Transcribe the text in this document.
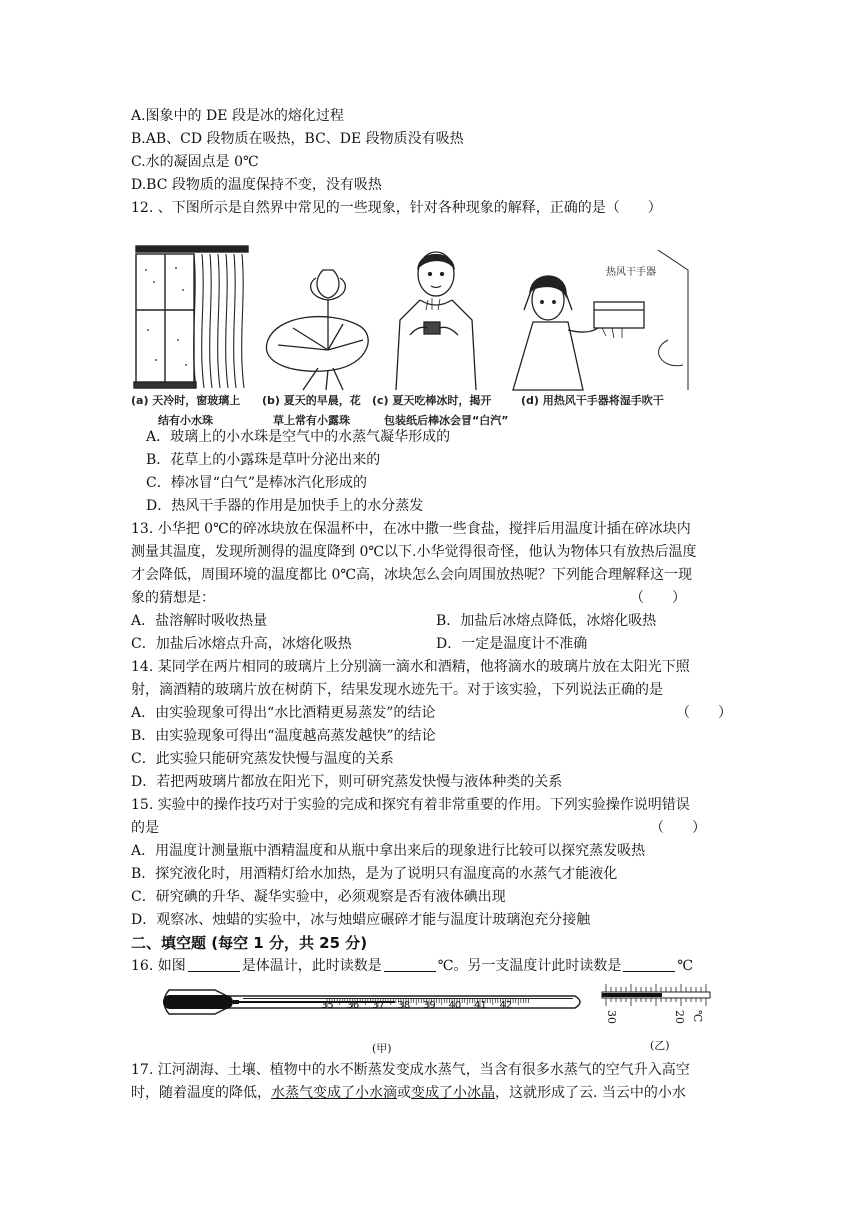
A.图象中的 DE 段是冰的熔化过程
B.AB、CD 段物质在吸热，BC、DE 段物质没有吸热
C.水的凝固点是 0℃
D.BC 段物质的温度保持不变，没有吸热
12. 、下图所示是自然界中常见的一些现象，针对各种现象的解释，正确的是（　　）
热风干手器
(a) 天冷时，窗玻璃上
结有小水珠
(b) 夏天的早晨，花
草上常有小露珠
(c) 夏天吃棒冰时，揭开
包装纸后棒冰会冒“白汽”
(d) 用热风干手器将湿手吹干
A．玻璃上的小水珠是空气中的水蒸气凝华形成的
B．花草上的小露珠是草叶分泌出来的
C．棒冰冒“白气”是棒冰汽化形成的
D．热风干手器的作用是加快手上的水分蒸发
13. 小华把 0℃的碎冰块放在保温杯中，在冰中撒一些食盐，搅拌后用温度计插在碎冰块内
测量其温度，发现所测得的温度降到 0℃以下.小华觉得很奇怪，他认为物体只有放热后温度
才会降低，周围环境的温度都比 0℃高，冰块怎么会向周围放热呢？下列能合理解释这一现
象的猜想是：	（　　）
A．盐溶解时吸收热量	B．加盐后冰熔点降低，冰熔化吸热
C．加盐后冰熔点升高，冰熔化吸热	D．一定是温度计不准确
14. 某同学在两片相同的玻璃片上分别滴一滴水和酒精，他将滴水的玻璃片放在太阳光下照
射，滴酒精的玻璃片放在树荫下，结果发现水迹先干。对于该实验，下列说法正确的是
A．由实验现象可得出“水比酒精更易蒸发”的结论	（　　）
B．由实验现象可得出“温度越高蒸发越快”的结论
C．此实验只能研究蒸发快慢与温度的关系
D．若把两玻璃片都放在阳光下，则可研究蒸发快慢与液体种类的关系
15. 实验中的操作技巧对于实验的完成和探究有着非常重要的作用。下列实验操作说明错误
的是	（　　）
A．用温度计测量瓶中酒精温度和从瓶中拿出来后的现象进行比较可以探究蒸发吸热
B．探究液化时，用酒精灯给水加热，是为了说明只有温度高的水蒸气才能液化
C．研究碘的升华、凝华实验中，必须观察是否有液体碘出现
D．观察冰、烛蜡的实验中，冰与烛蜡应碾碎才能与温度计玻璃泡充分接触
二、填空题 (每空 1 分，共 25 分)
16. 如图	是体温计，此时读数是	℃。另一支温度计此时读数是	℃
35 36 37 38 39 40 41 42
30	20 ℃
(甲)	(乙)
17. 江河湖海、土壤、植物中的水不断蒸发变成水蒸气，当含有很多水蒸气的空气升入高空
时，随着温度的降低，水蒸气变成了小水滴或变成了小冰晶，这就形成了云. 当云中的小水
